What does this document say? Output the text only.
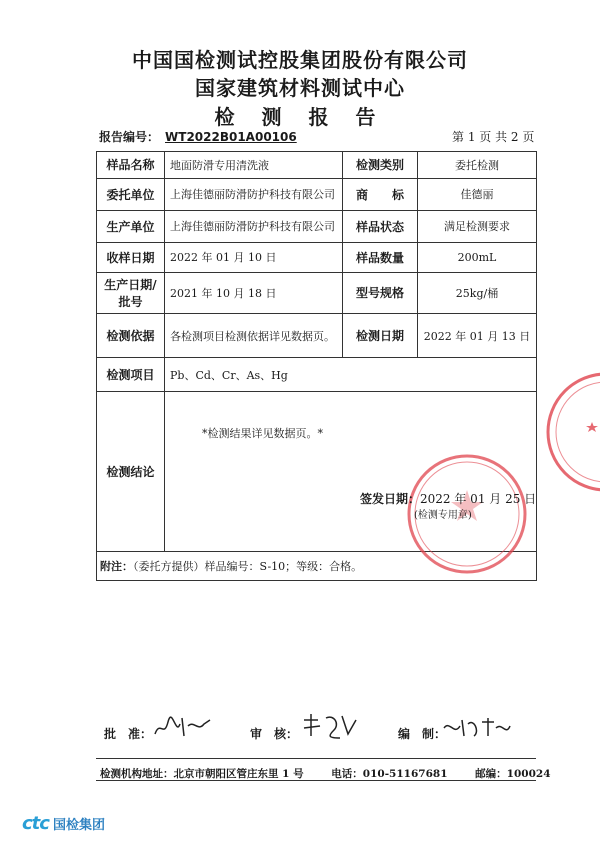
中国国检测试控股集团股份有限公司
国家建筑材料测试中心
检 测 报 告
报告编号： WT2022B01A00106	第 1 页 共 2 页
样品名称	地面防滑专用清洗液	检测类别	委托检测
委托单位	上海佳德丽防滑防护科技有限公司	商　　标	佳德丽
生产单位	上海佳德丽防滑防护科技有限公司	样品状态	满足检测要求
收样日期	2022 年 01 月 10 日	样品数量	200mL
生产日期/批号	2021 年 10 月 18 日	型号规格	25kg/桶
检测依据	各检测项目检测依据详见数据页。	检测日期	2022 年 01 月 13 日
检测项目	Pb、Cd、Cr、As、Hg		
检测结论			

*检测结果详见数据页。*
签发日期：2022 年 01 月 25 日
(检测专用章)
附注：（委托方提供）样品编号：S-10；等级：合格。
批　准：	审　核：	编　制：
检测机构地址：北京市朝阳区管庄东里 1 号	电话：010-51167681	邮编：100024
ctc 国检集团
